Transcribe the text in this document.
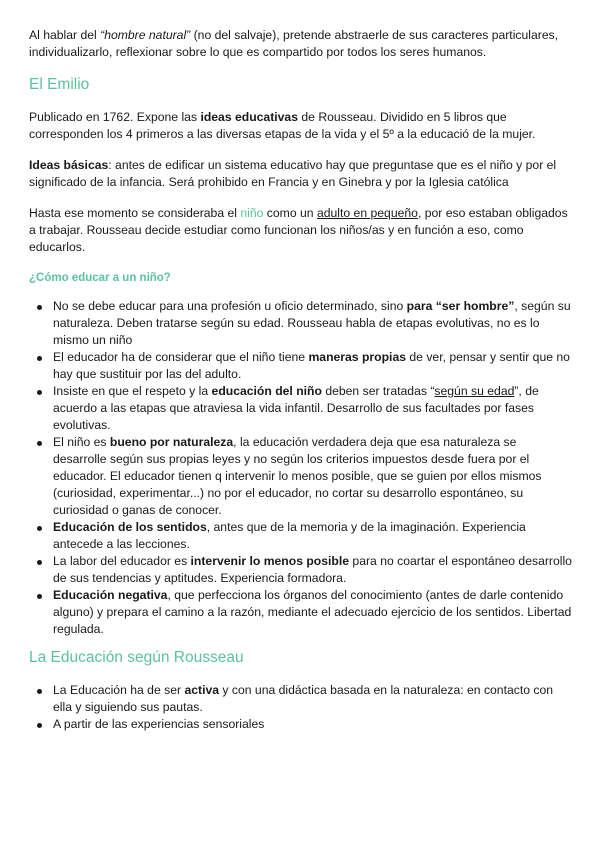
Al hablar del “hombre natural” (no del salvaje), pretende abstraerle de sus caracteres particulares, individualizarlo, reflexionar sobre lo que es compartido por todos los seres humanos.

El Emilio

Publicado en 1762. Expone las ideas educativas de Rousseau. Dividido en 5 libros que corresponden los 4 primeros a las diversas etapas de la vida y el 5º a la educació de la mujer.

Ideas básicas: antes de edificar un sistema educativo hay que preguntase que es el niño y por el significado de la infancia. Será prohibido en Francia y en Ginebra y por la Iglesia católica

Hasta ese momento se consideraba el niño como un adulto en pequeño, por eso estaban obligados a trabajar. Rousseau decide estudiar como funcionan los niños/as y en función a eso, como educarlos.

¿Cómo educar a un niño?
No se debe educar para una profesión u oficio determinado, sino para “ser hombre”, según su naturaleza. Deben tratarse según su edad. Rousseau habla de etapas evolutivas, no es lo mismo un niño
El educador ha de considerar que el niño tiene maneras propias de ver, pensar y sentir que no hay que sustituir por las del adulto.
Insiste en que el respeto y la educación del niño deben ser tratadas “según su edad”, de acuerdo a las etapas que atraviesa la vida infantil. Desarrollo de sus facultades por fases evolutivas.
El niño es bueno por naturaleza, la educación verdadera deja que esa naturaleza se desarrolle según sus propias leyes y no según los criterios impuestos desde fuera por el educador. El educador tienen q intervenir lo menos posible, que se guien por ellos mismos (curiosidad, experimentar...) no por el educador, no cortar su desarrollo espontáneo, su curiosidad o ganas de conocer.
Educación de los sentidos, antes que de la memoria y de la imaginación. Experiencia antecede a las lecciones.
La labor del educador es intervenir lo menos posible para no coartar el espontáneo desarrollo de sus tendencias y aptitudes. Experiencia formadora.
Educación negativa, que perfecciona los órganos del conocimiento (antes de darle contenido alguno) y prepara el camino a la razón, mediante el adecuado ejercicio de los sentidos. Libertad regulada.
La Educación según Rousseau
La Educación ha de ser activa y con una didáctica basada en la naturaleza: en contacto con ella y siguiendo sus pautas.
A partir de las experiencias sensoriales
